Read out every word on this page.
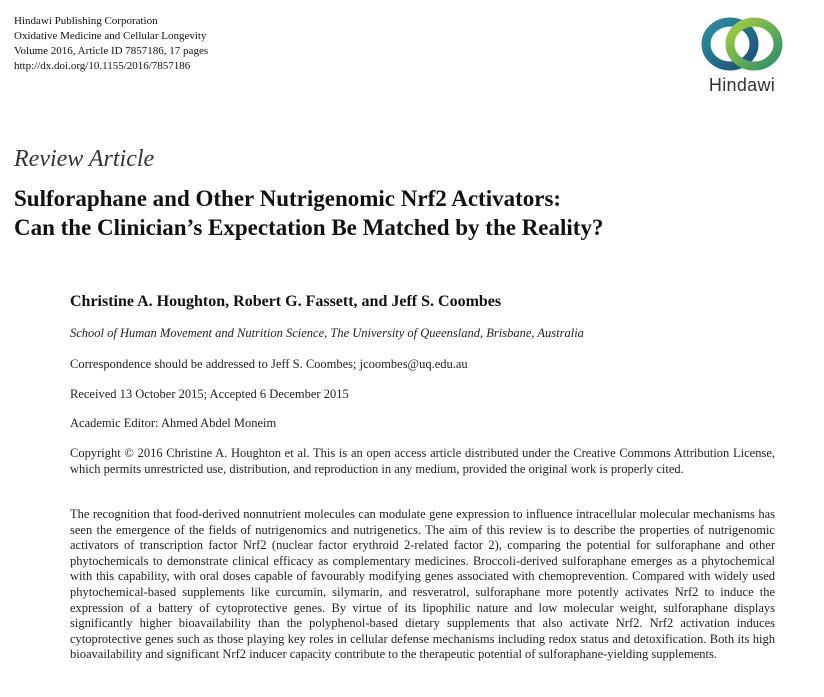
Hindawi Publishing Corporation
Oxidative Medicine and Cellular Longevity
Volume 2016, Article ID 7857186, 17 pages
http://dx.doi.org/10.1155/2016/7857186
Hindawi
Review Article
Sulforaphane and Other Nutrigenomic Nrf2 Activators:
Can the Clinician’s Expectation Be Matched by the Reality?
Christine A. Houghton, Robert G. Fassett, and Jeff S. Coombes
School of Human Movement and Nutrition Science, The University of Queensland, Brisbane, Australia
Correspondence should be addressed to Jeff S. Coombes; jcoombes@uq.edu.au
Received 13 October 2015; Accepted 6 December 2015
Academic Editor: Ahmed Abdel Moneim
Copyright © 2016 Christine A. Houghton et al. This is an open access article distributed under the Creative Commons Attribution License, which permits unrestricted use, distribution, and reproduction in any medium, provided the original work is properly cited.
The recognition that food-derived nonnutrient molecules can modulate gene expression to influence intracellular molecular mechanisms has seen the emergence of the fields of nutrigenomics and nutrigenetics. The aim of this review is to describe the properties of nutrigenomic activators of transcription factor Nrf2 (nuclear factor erythroid 2-related factor 2), comparing the potential for sulforaphane and other phytochemicals to demonstrate clinical efficacy as complementary medicines. Broccoli-derived sulforaphane emerges as a phytochemical with this capability, with oral doses capable of favourably modifying genes associated with chemoprevention. Compared with widely used phytochemical-based supplements like curcumin, silymarin, and resveratrol, sulforaphane more potently activates Nrf2 to induce the expression of a battery of cytoprotective genes. By virtue of its lipophilic nature and low molecular weight, sulforaphane displays significantly higher bioavailability than the polyphenol-based dietary supplements that also activate Nrf2. Nrf2 activation induces cytoprotective genes such as those playing key roles in cellular defense mechanisms including redox status and detoxification. Both its high bioavailability and significant Nrf2 inducer capacity contribute to the therapeutic potential of sulforaphane-yielding supplements.
